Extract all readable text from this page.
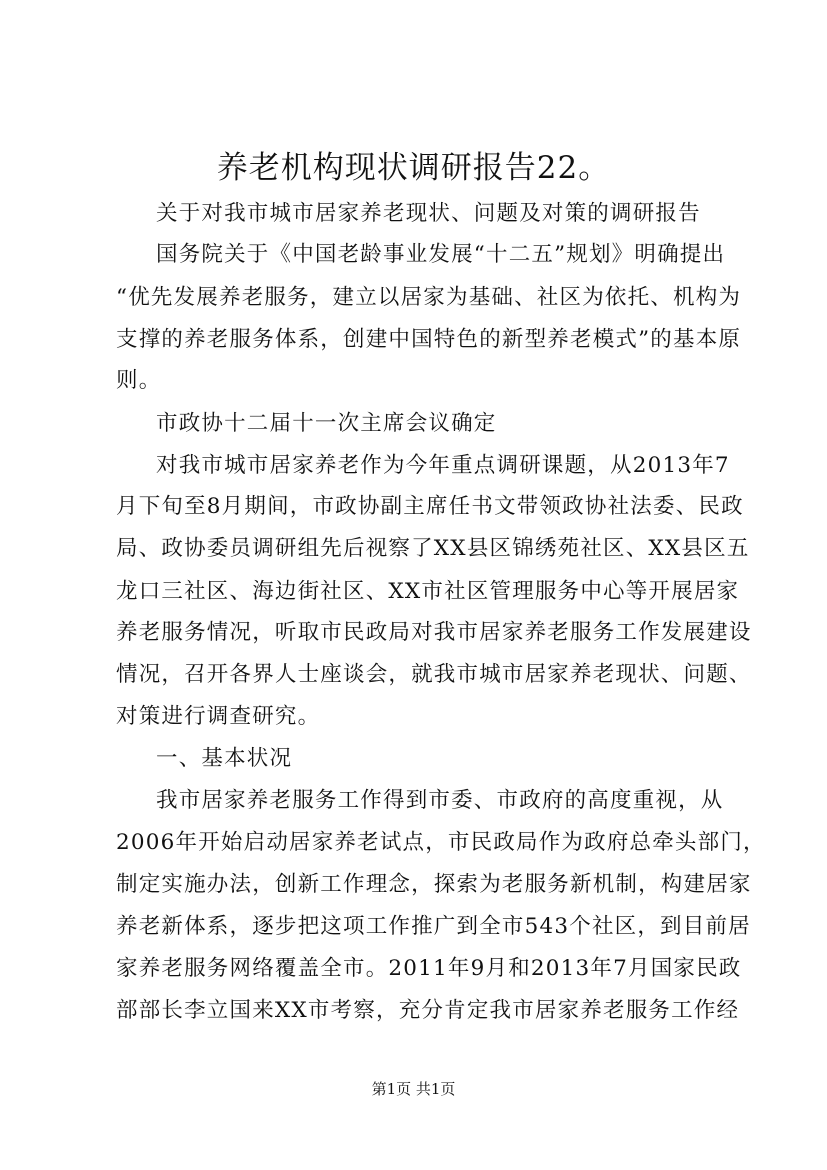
养老机构现状调研报告22。
关于对我市城市居家养老现状、问题及对策的调研报告
国务院关于《中国老龄事业发展“十二五”规划》明确提出
“优先发展养老服务，建立以居家为基础、社区为依托、机构为
支撑的养老服务体系，创建中国特色的新型养老模式”的基本原
则。
市政协十二届十一次主席会议确定
对我市城市居家养老作为今年重点调研课题，从2013年7
月下旬至8月期间，市政协副主席任书文带领政协社法委、民政
局、政协委员调研组先后视察了XX县区锦绣苑社区、XX县区五
龙口三社区、海边街社区、XX市社区管理服务中心等开展居家
养老服务情况，听取市民政局对我市居家养老服务工作发展建设
情况，召开各界人士座谈会，就我市城市居家养老现状、问题、
对策进行调查研究。
一、基本状况
我市居家养老服务工作得到市委、市政府的高度重视，从
2006年开始启动居家养老试点，市民政局作为政府总牵头部门，
制定实施办法，创新工作理念，探索为老服务新机制，构建居家
养老新体系，逐步把这项工作推广到全市543个社区，到目前居
家养老服务网络覆盖全市。2011年9月和2013年7月国家民政
部部长李立国来XX市考察，充分肯定我市居家养老服务工作经
第1页 共1页
